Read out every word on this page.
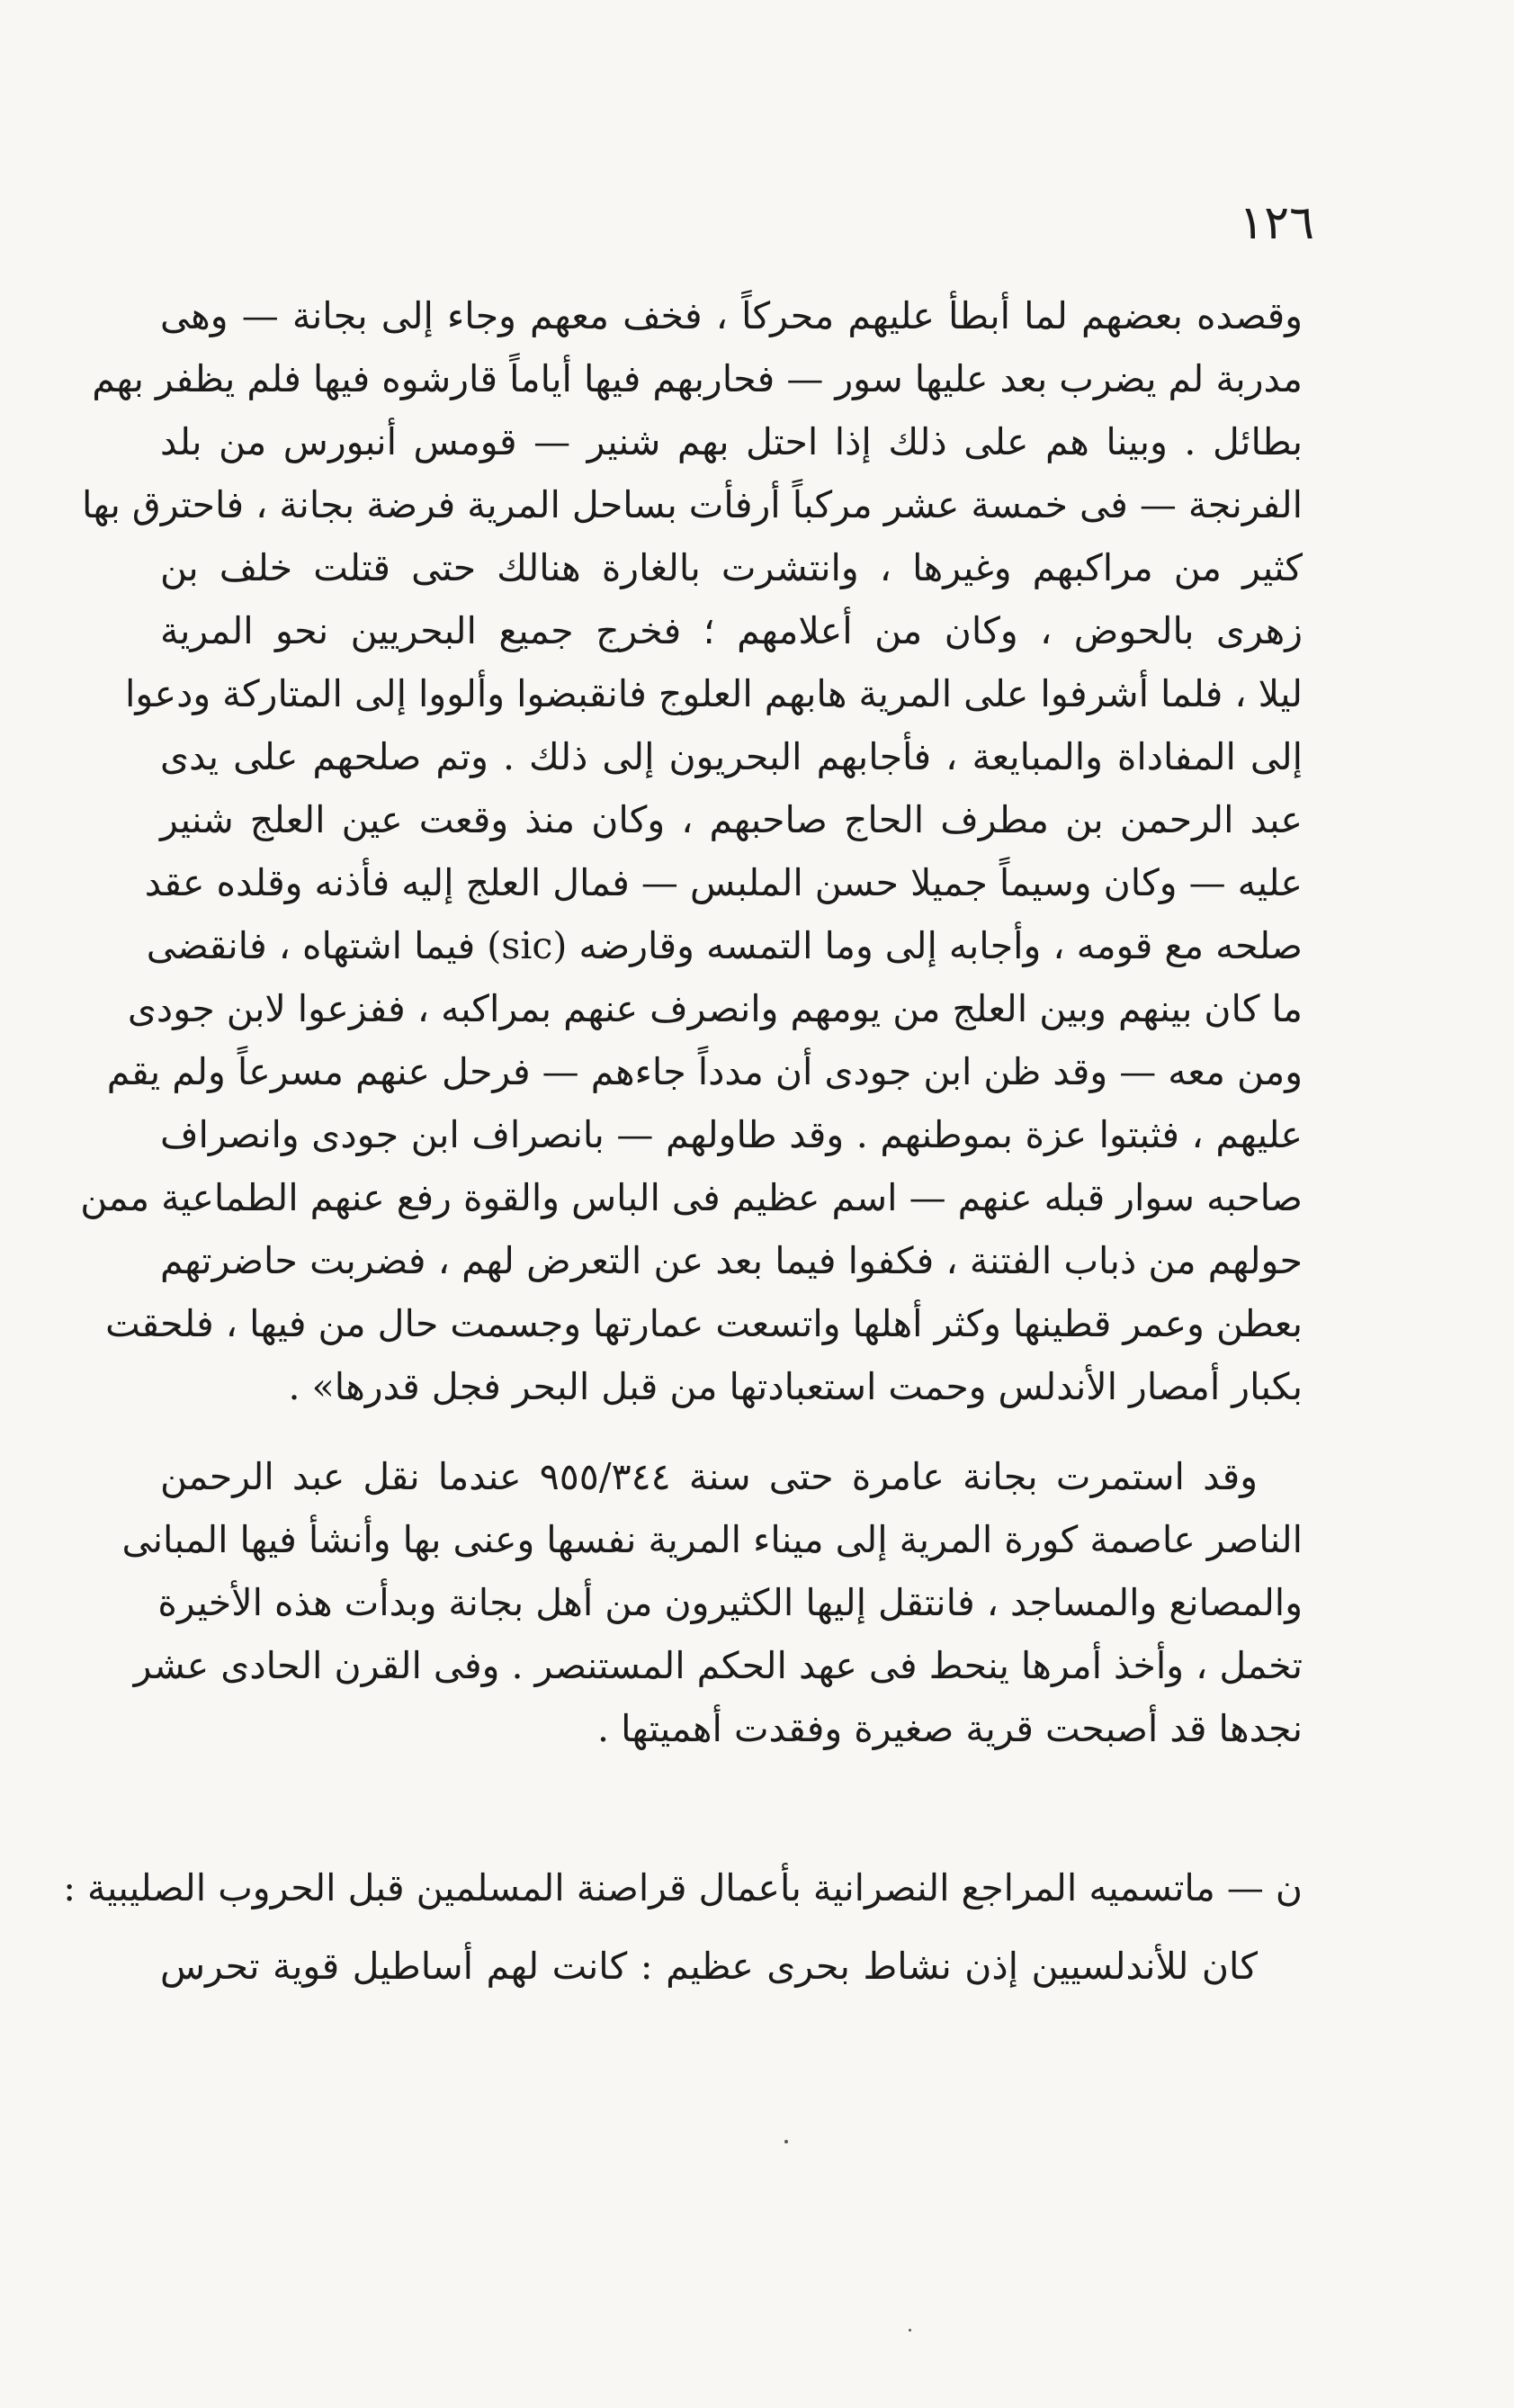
١٢٦
وقصده بعضهم لما أبطأ عليهم محركاً ، فخف معهم وجاء إلى بجانة — وهى
مدربة لم يضرب بعد عليها سور — فحاربهم فيها أياماً قارشوه فيها فلم يظفر بهم
بطائل . وبينا هم على ذلك إذا احتل بهم شنير — قومس أنبورس من بلد
الفرنجة — فى خمسة عشر مركباً أرفأت بساحل المرية فرضة بجانة ، فاحترق بها
كثير من مراكبهم وغيرها ، وانتشرت بالغارة هنالك حتى قتلت خلف بن
زهرى بالحوض ، وكان من أعلامهم ؛ فخرج جميع البحريين نحو المرية
ليلا ، فلما أشرفوا على المرية هابهم العلوج فانقبضوا وألووا إلى المتاركة ودعوا
إلى المفاداة والمبايعة ، فأجابهم البحريون إلى ذلك . وتم صلحهم على يدى
عبد الرحمن بن مطرف الحاج صاحبهم ، وكان منذ وقعت عين العلج شنير
عليه — وكان وسيماً جميلا حسن الملبس — فمال العلج إليه فأذنه وقلده عقد
صلحه مع قومه ، وأجابه إلى وما التمسه وقارضه (sic) فيما اشتهاه ، فانقضى
ما كان بينهم وبين العلج من يومهم وانصرف عنهم بمراكبه ، ففزعوا لابن جودى
ومن معه — وقد ظن ابن جودى أن مدداً جاءهم — فرحل عنهم مسرعاً ولم يقم
عليهم ، فثبتوا عزة بموطنهم . وقد طاولهم — بانصراف ابن جودى وانصراف
صاحبه سوار قبله عنهم — اسم عظيم فى الباس والقوة رفع عنهم الطماعية ممن
حولهم من ذباب الفتنة ، فكفوا فيما بعد عن التعرض لهم ، فضربت حاضرتهم
بعطن وعمر قطينها وكثر أهلها واتسعت عمارتها وجسمت حال من فيها ، فلحقت
بكبار أمصار الأندلس وحمت استعبادتها من قبل البحر فجل قدرها» .
وقد استمرت بجانة عامرة حتى سنة ٩٥٥/٣٤٤ عندما نقل عبد الرحمن
الناصر عاصمة كورة المرية إلى ميناء المرية نفسها وعنى بها وأنشأ فيها المبانى
والمصانع والمساجد ، فانتقل إليها الكثيرون من أهل بجانة وبدأت هذه الأخيرة
تخمل ، وأخذ أمرها ينحط فى عهد الحكم المستنصر . وفى القرن الحادى عشر
نجدها قد أصبحت قرية صغيرة وفقدت أهميتها .
ن — ماتسميه المراجع النصرانية بأعمال قراصنة المسلمين قبل الحروب الصليبية :
كان للأندلسيين إذن نشاط بحرى عظيم : كانت لهم أساطيل قوية تحرس
